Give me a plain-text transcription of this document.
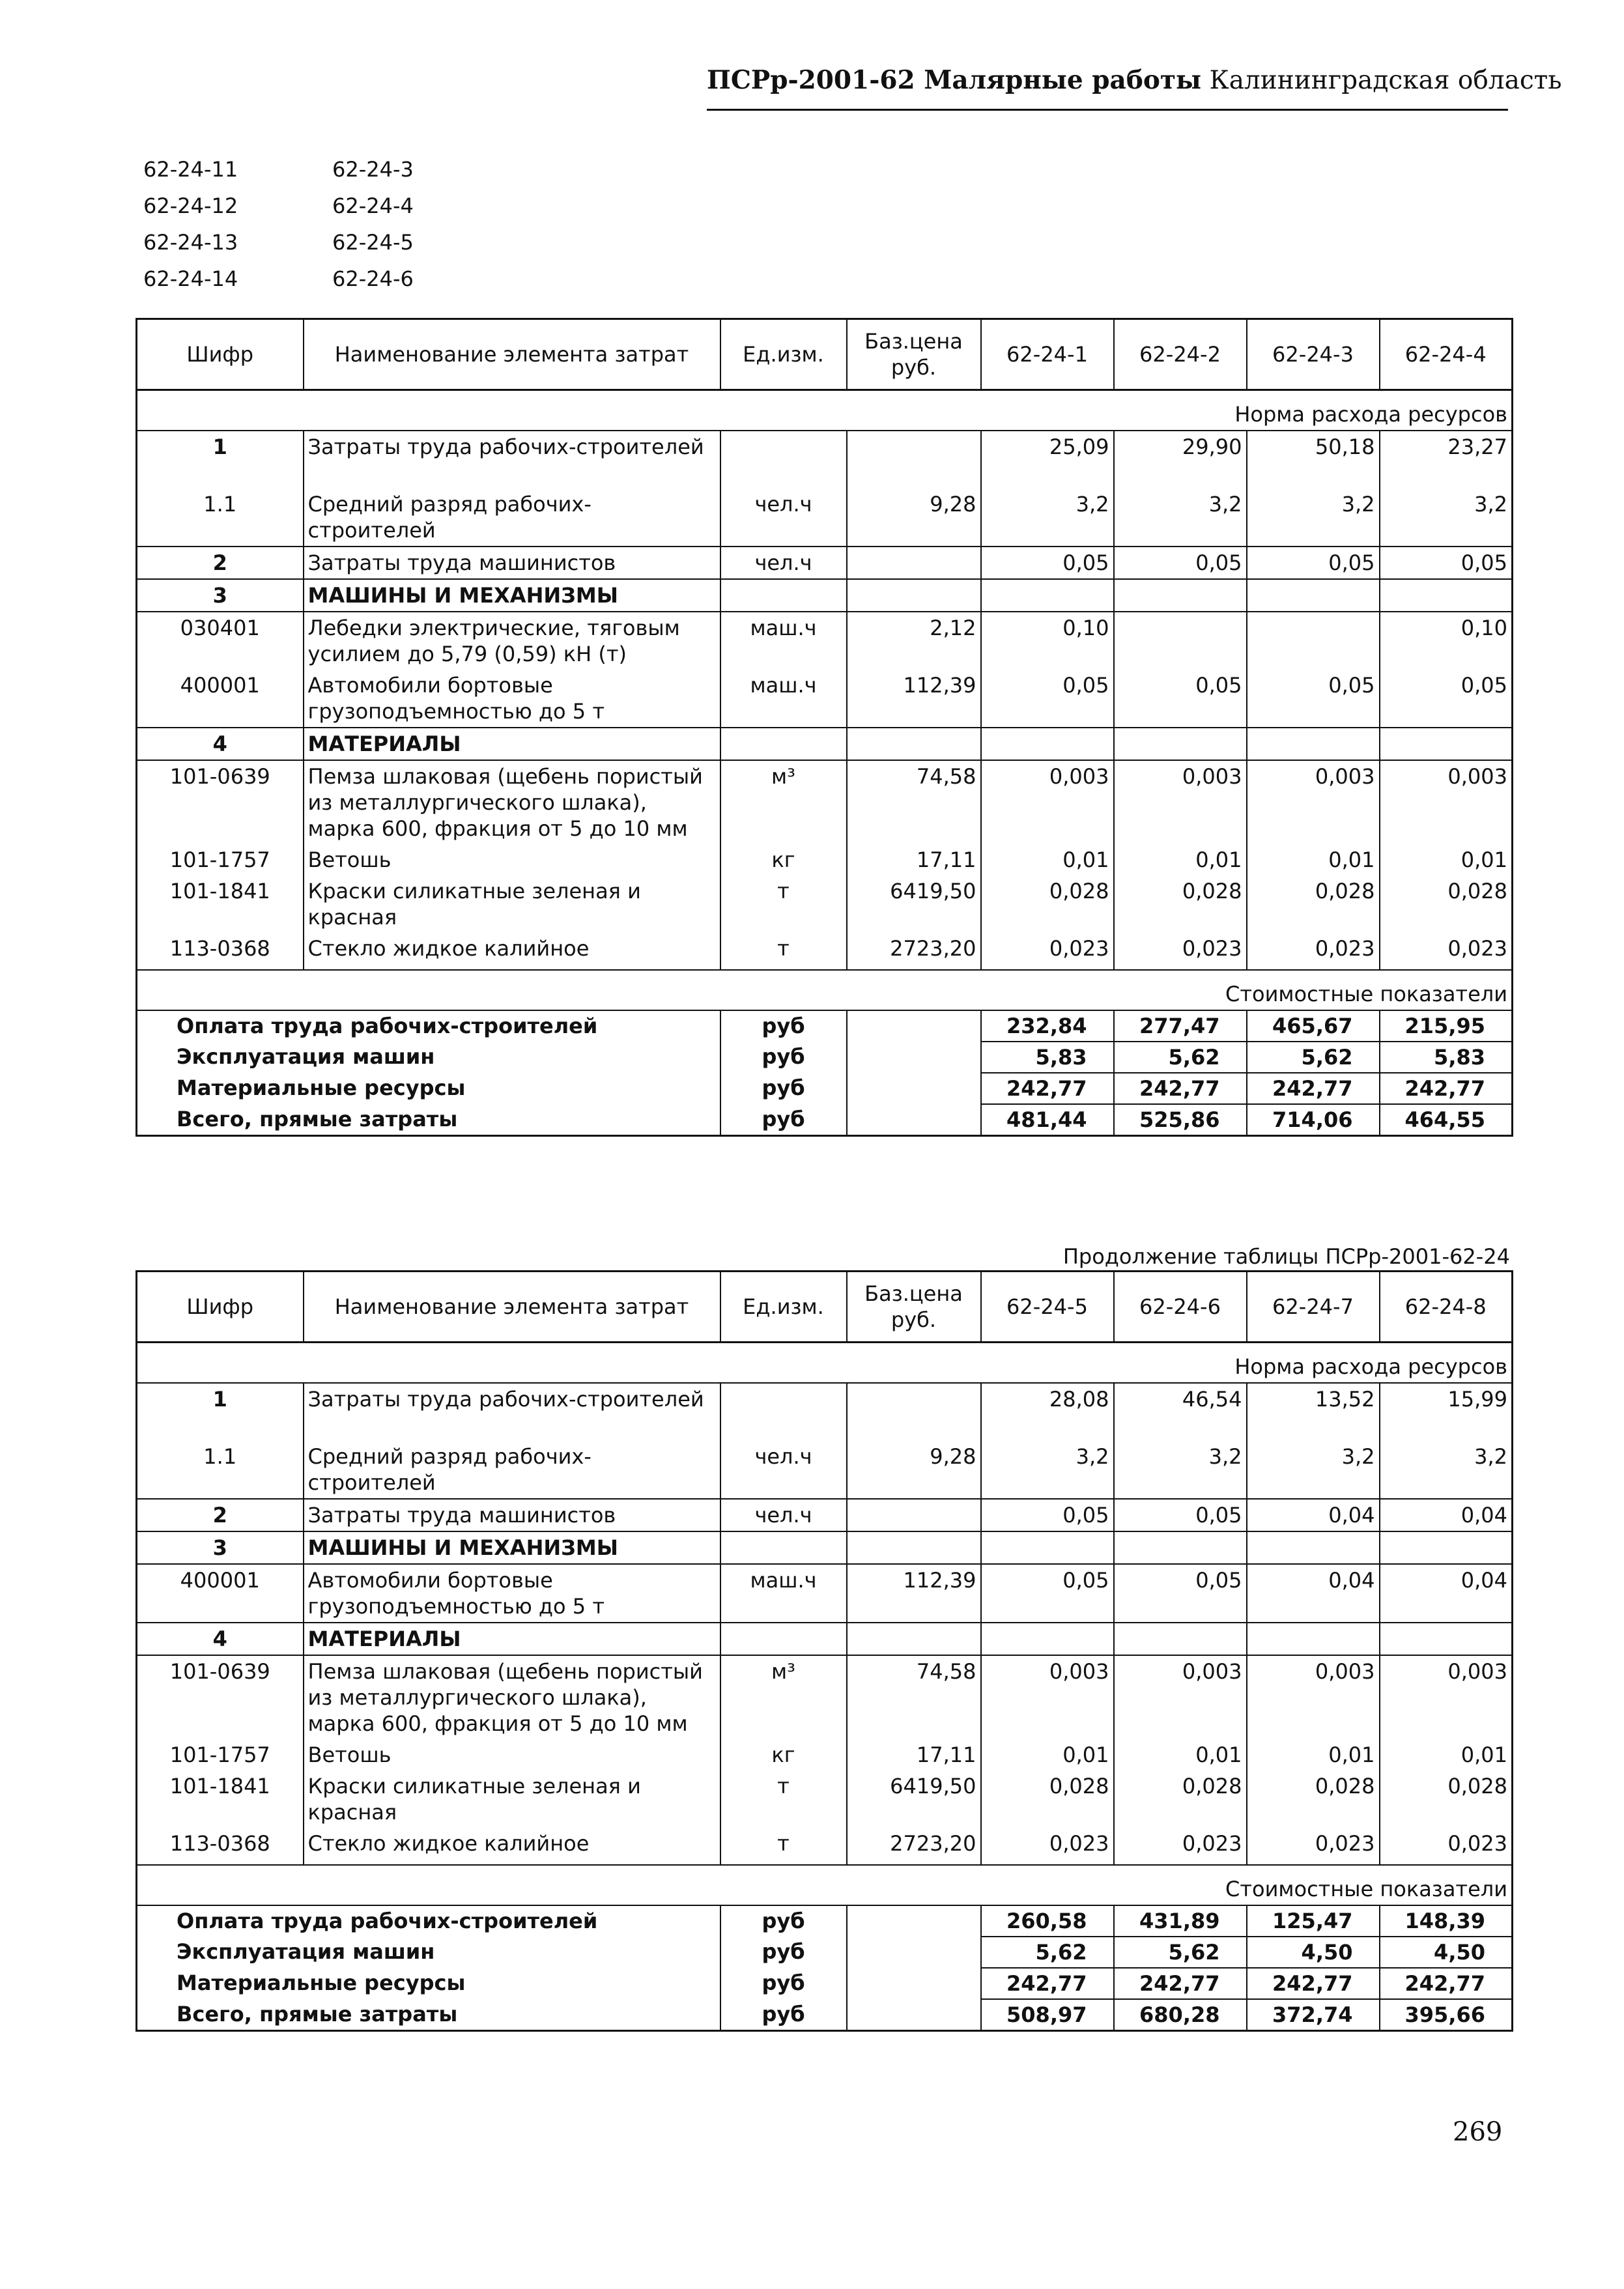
ПСРр-2001-62 Малярные работы Калининградская область
62-24-11	62-24-3
62-24-12	62-24-4
62-24-13	62-24-5
62-24-14	62-24-6
Шифр	Наименование элемента затрат	Ед.изм.	Баз.цена руб.	62-24-1	62-24-2	62-24-3	62-24-4
Норма расхода ресурсов							
1	Затраты труда рабочих-строителей			25,09	29,90	50,18	23,27
1.1	Средний разряд рабочих-строителей	чел.ч	9,28	3,2	3,2	3,2	3,2
2	Затраты труда машинистов	чел.ч		0,05	0,05	0,05	0,05
3	МАШИНЫ И МЕХАНИЗМЫ						
030401	Лебедки электрические, тяговым усилием до 5,79 (0,59) кН (т)	маш.ч	2,12	0,10			0,10
400001	Автомобили бортовые грузоподъемностью до 5 т	маш.ч	112,39	0,05	0,05	0,05	0,05
4	МАТЕРИАЛЫ						
101-0639	Пемза шлаковая (щебень пористый из металлургического шлака), марка 600, фракция от 5 до 10 мм	м³	74,58	0,003	0,003	0,003	0,003
101-1757	Ветошь	кг	17,11	0,01	0,01	0,01	0,01
101-1841	Краски силикатные зеленая и красная	т	6419,50	0,028	0,028	0,028	0,028
113-0368	Стекло жидкое калийное	т	2723,20	0,023	0,023	0,023	0,023
Стоимостные показатели							
Оплата труда рабочих-строителей		руб		232,84	277,47	465,67	215,95
Эксплуатация машин		руб		5,83	5,62	5,62	5,83
Материальные ресурсы		руб		242,77	242,77	242,77	242,77
Всего, прямые затраты		руб		481,44	525,86	714,06	464,55
Продолжение таблицы ПСРр-2001-62-24
Шифр	Наименование элемента затрат	Ед.изм.	Баз.цена руб.	62-24-5	62-24-6	62-24-7	62-24-8
Норма расхода ресурсов							
1	Затраты труда рабочих-строителей			28,08	46,54	13,52	15,99
1.1	Средний разряд рабочих-строителей	чел.ч	9,28	3,2	3,2	3,2	3,2
2	Затраты труда машинистов	чел.ч		0,05	0,05	0,04	0,04
3	МАШИНЫ И МЕХАНИЗМЫ						
400001	Автомобили бортовые грузоподъемностью до 5 т	маш.ч	112,39	0,05	0,05	0,04	0,04
4	МАТЕРИАЛЫ						
101-0639	Пемза шлаковая (щебень пористый из металлургического шлака), марка 600, фракция от 5 до 10 мм	м³	74,58	0,003	0,003	0,003	0,003
101-1757	Ветошь	кг	17,11	0,01	0,01	0,01	0,01
101-1841	Краски силикатные зеленая и красная	т	6419,50	0,028	0,028	0,028	0,028
113-0368	Стекло жидкое калийное	т	2723,20	0,023	0,023	0,023	0,023
Стоимостные показатели							
Оплата труда рабочих-строителей		руб		260,58	431,89	125,47	148,39
Эксплуатация машин		руб		5,62	5,62	4,50	4,50
Материальные ресурсы		руб		242,77	242,77	242,77	242,77
Всего, прямые затраты		руб		508,97	680,28	372,74	395,66
269
